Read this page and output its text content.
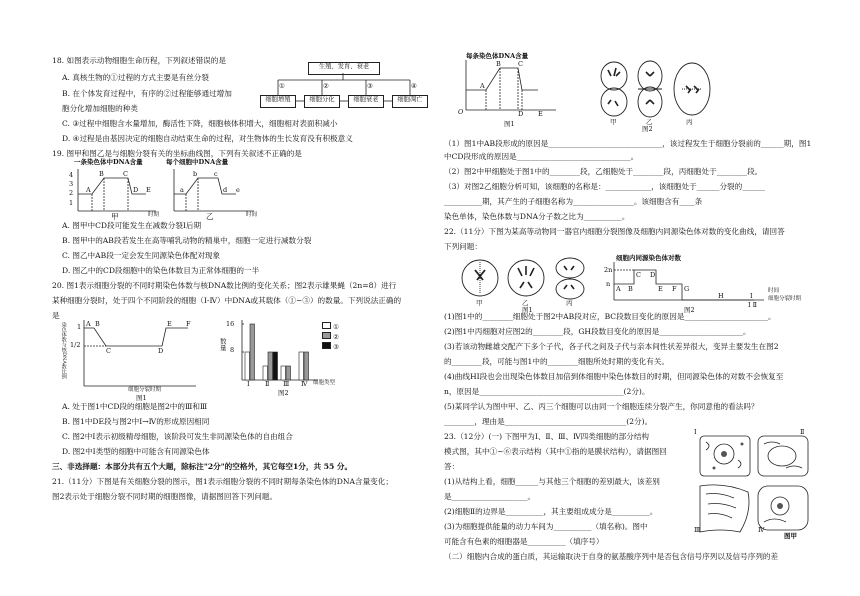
18. 如图表示动物细胞生命历程，下列叙述错误的是
A. 真核生物的①过程的方式主要是有丝分裂
B. 在个体发育过程中，有序的②过程能够通过增加
胞分化增加细胞的种类
C. ③过程中细胞含水量增加，酶活性下降，细胞核体积增大，细胞相对表面积减小
D. ④过程是由基因决定的细胞自动结束生命的过程，对生物体的生长发育没有积极意义
生殖、发育、衰老
①	②	③	④
细胞增殖	细胞分化	细胞衰老	细胞凋亡
19. 图甲和图乙是与细胞分裂有关的坐标曲线图，下列有关叙述不正确的是
一条染色体中DNA含量	每个细胞中DNA含量
4
3
2
1
A
B	C
D E	a
b	c
d e
时期	时间
甲	乙
A. 图甲中CD段可能发生在减数分裂Ⅰ后期
B. 图甲中的AB段若发生在高等哺乳动物的精巢中，细胞一定进行减数分裂
C. 图乙中AB段一定会发生同源染色体配对现象
D. 图乙中的CD段细胞中的染色体数目为正常体细胞的一半
20. 图1表示细胞分裂的不同时期染色体数与核DNA数比例的变化关系；图2表示雄果蝇（2n=8）进行
某种细胞分裂时，处于四个不同阶段的细胞（Ⅰ-Ⅳ）中DNA或其载体（①~③）的数量。下列说法正确的
是
染色体数与核DNA数比例 1
1/2
A B
C	D
E F
细胞分裂时期
图1
数量
16
8
Ⅰ Ⅱ Ⅲ Ⅳ 细胞类型
图2
①
②
③
A. 处于图1中CD段的细胞是图2中的Ⅲ和Ⅲ
B. 图1中DE段与图2中Ⅰ→Ⅳ的形成原因相同
C. 图2中Ⅰ表示初级精母细胞，该阶段可发生非同源染色体的自由组合
D. 图2中Ⅰ类型的细胞中可能含有同源染色体
三、非选择题：本部分共有五个大题，除标注"2分"的空格外，其它每空1分，共 55 分。
21.（11分）下图是有关细胞分裂的图示，图1表示细胞分裂的不同时期每条染色体的DNA含量变化；
图2表示处于细胞分裂不同时期的细胞图像，请据图回答下列问题。
每条染色体DNA含量
O
A
B	C
D E
图1	甲	乙	丙
图2
（1）图1中AB段形成的原因是______________________________，该过程发生于细胞分裂前的______期，图1
中CD段形成的原因是______________________________。
（2）图2中甲细胞处于图1中的________段，乙细胞处于________段，丙细胞处于________段。
（3）对图2乙细胞分析可知，该细胞的名称是：____________，该细胞处于______分裂的______
__________期，其产生的子细胞名称为________________。该细胞含有____条
染色单体，染色体数与DNA分子数之比为__________。
22.（11分）下图为某高等动物同一器官内细胞分裂图像及细胞内同源染色体对数的变化曲线，请回答
下列问题：
甲	乙	丙
图1
细胞内同源染色体对数
2n
n
A B
C D
E F G
H	I
时间
Ⅰ Ⅱ
细胞分裂时期
图2
(1)图1中的________细胞处于图2中AB段对应，BC段数目变化的原因是______________________。
(2)图1中丙细胞对应图2的________段，GH段数目变化的原因是______________________。
(3)若该动物雌雄交配产下多个子代，各子代之间及子代与亲本间性状差异很大，变异主要发生在图2
的________段，可能与图1中的________细胞所处时期的变化有关。
(4)曲线HI段也会出现染色体数目加倍到体细胞中染色体数目的时期，但同源染色体的对数不会恢复至
n，原因是______________________________________(2分)。
(5)某同学认为图中甲、乙、丙三个细胞可以由同一个细胞连续分裂产生，你同意他的看法吗？
________，理由是________________________________(2分)。
23.（12分）(一) 下图甲为Ⅰ、Ⅱ、Ⅲ、Ⅳ四类细胞的部分结构
模式图，其中①~⑥表示结构（其中①指的是膜状结构），请据图回
答：
(1)从结构上看，细胞______与其他三个细胞的差别最大，该差别
是____________________。
(2)细胞Ⅱ的边界是__________，其主要组成成分是__________。
(3)为细胞提供能量的动力车间为__________（填名称)。图中
可能含有色素的细胞器是__________（填序号）
（二）细胞内合成的蛋白质，其运输取决于自身的氨基酸序列中是否包含信号序列以及信号序列的差
Ⅰ	Ⅱ
Ⅲ	Ⅳ
图甲
